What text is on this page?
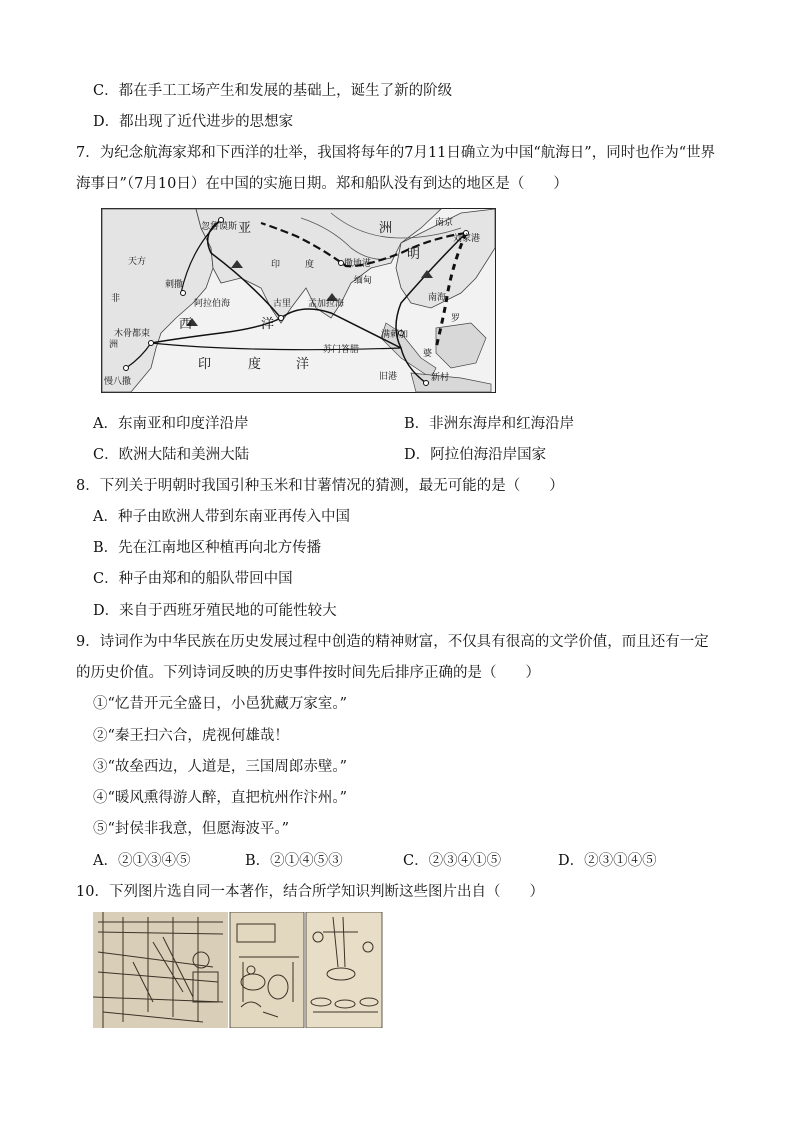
C．都在手工工场产生和发展的基础上，诞生了新的阶级
D．都出现了近代进步的思想家
7．为纪念航海家郑和下西洋的壮举，我国将每年的7月11日确立为中国“航海日”，同时也作为“世界
海事日”（7月10日）在中国的实施日期。郑和船队没有到达的地区是（　　）
亚	洲
明
西	洋
印	度	洋
南京
刘家港
忽鲁谟斯
天方
刺撒
阿拉伯海
印	度	撒地港
缅甸
南海
古里 孟加拉海
木骨都束	满刺加
罗
婆
苏门答腊
旧港	新村
慢八撒
非
洲
A．东南亚和印度洋沿岸	B．非洲东海岸和红海沿岸
C．欧洲大陆和美洲大陆	D．阿拉伯海沿岸国家
8．下列关于明朝时我国引种玉米和甘薯情况的猜测，最无可能的是（　　）
A．种子由欧洲人带到东南亚再传入中国
B．先在江南地区种植再向北方传播
C．种子由郑和的船队带回中国
D．来自于西班牙殖民地的可能性较大
9．诗词作为中华民族在历史发展过程中创造的精神财富，不仅具有很高的文学价值，而且还有一定
的历史价值。下列诗词反映的历史事件按时间先后排序正确的是（　　）
①“忆昔开元全盛日，小邑犹藏万家室。”
②“秦王扫六合，虎视何雄哉！
③“故垒西边，人道是，三国周郎赤壁。”
④“暖风熏得游人醉，直把杭州作汴州。”
⑤“封侯非我意，但愿海波平。”
A．②①③④⑤	B．②①④⑤③	C．②③④①⑤	D．②③①④⑤
10．下列图片选自同一本著作，结合所学知识判断这些图片出自（　　）
